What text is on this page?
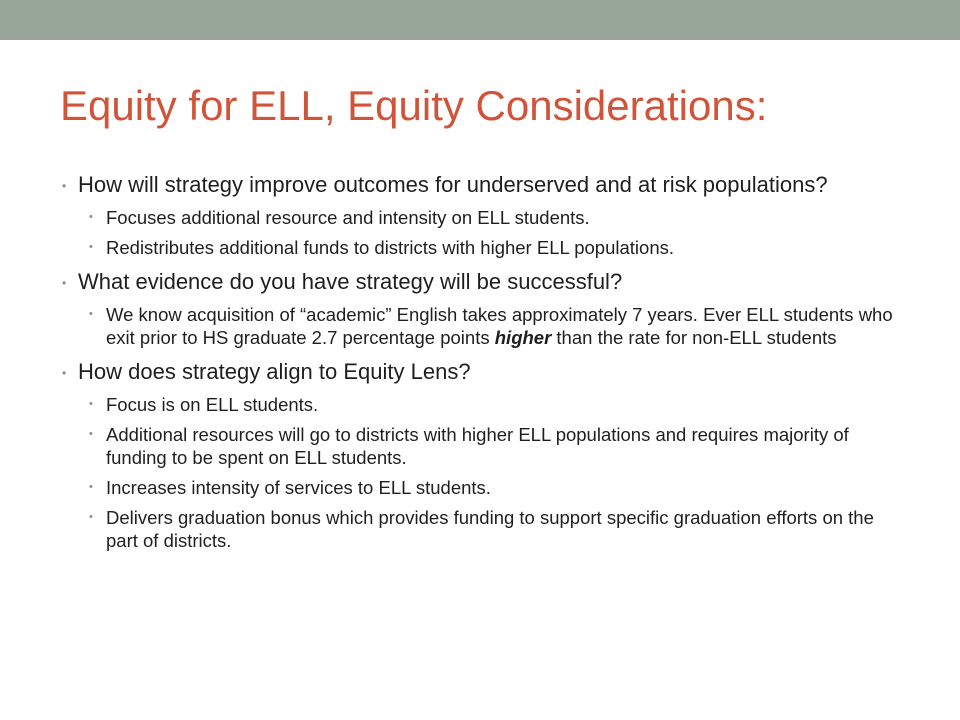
Equity for ELL, Equity Considerations:
• How will strategy improve outcomes for underserved and at risk populations?
• Focuses additional resource and intensity on ELL students.
• Redistributes additional funds to districts with higher ELL populations.
• What evidence do you have strategy will be successful?
• We know acquisition of “academic” English takes approximately 7 years. Ever ELL students who exit prior to HS graduate 2.7 percentage points higher than the rate for non-ELL students
• How does strategy align to Equity Lens?
• Focus is on ELL students.
• Additional resources will go to districts with higher ELL populations and requires majority of funding to be spent on ELL students.
• Increases intensity of services to ELL students.
• Delivers graduation bonus which provides funding to support specific graduation efforts on the part of districts.
